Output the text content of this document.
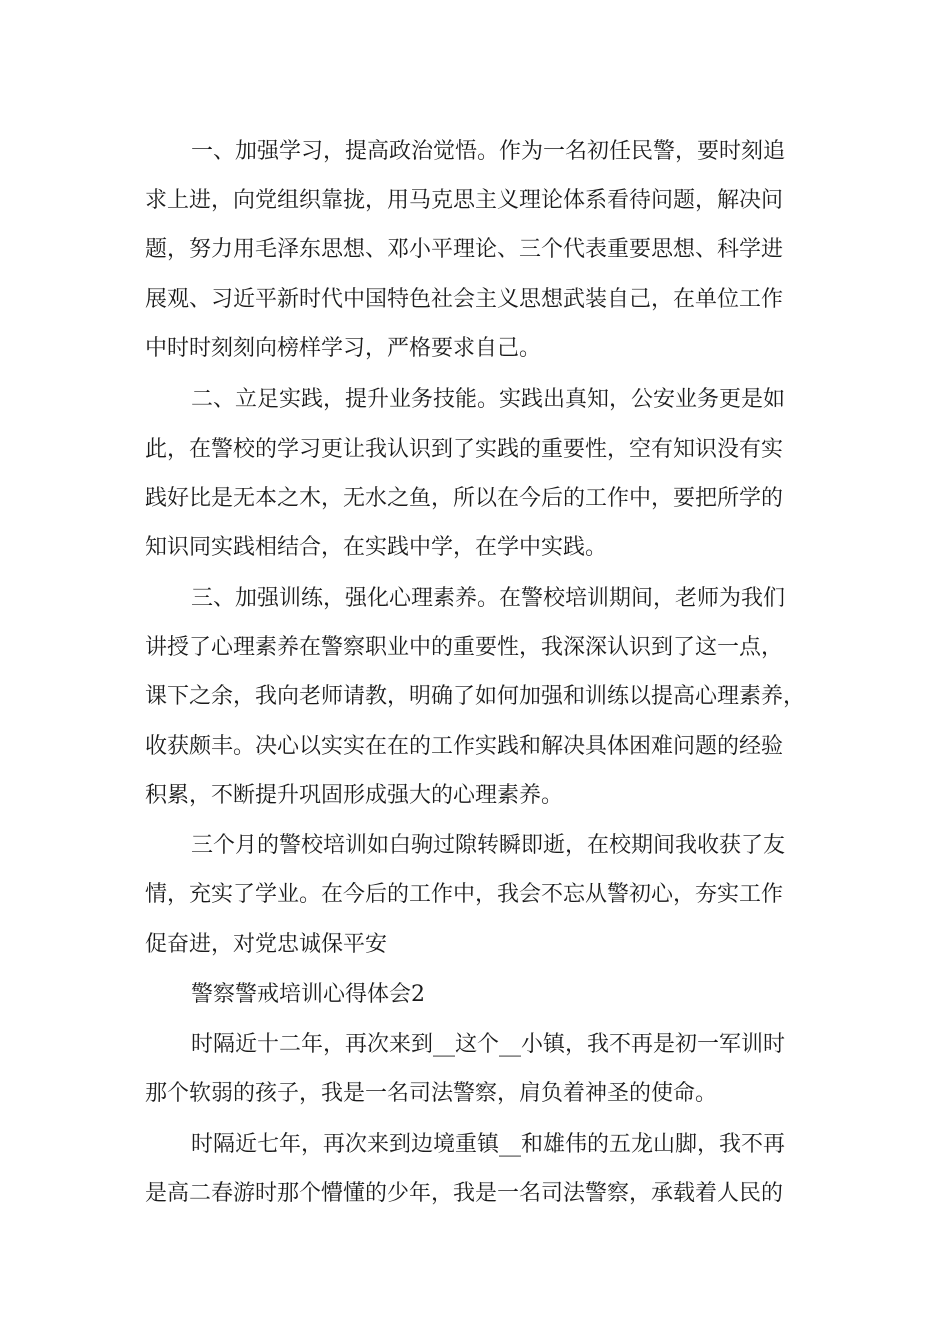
一、加强学习，提高政治觉悟。作为一名初任民警，要时刻追
求上进，向党组织靠拢，用马克思主义理论体系看待问题，解决问
题，努力用毛泽东思想、邓小平理论、三个代表重要思想、科学进
展观、习近平新时代中国特色社会主义思想武装自己，在单位工作
中时时刻刻向榜样学习，严格要求自己。
二、立足实践，提升业务技能。实践出真知，公安业务更是如
此，在警校的学习更让我认识到了实践的重要性，空有知识没有实
践好比是无本之木，无水之鱼，所以在今后的工作中，要把所学的
知识同实践相结合，在实践中学，在学中实践。
三、加强训练，强化心理素养。在警校培训期间，老师为我们
讲授了心理素养在警察职业中的重要性，我深深认识到了这一点，
课下之余，我向老师请教，明确了如何加强和训练以提高心理素养，
收获颇丰。决心以实实在在的工作实践和解决具体困难问题的经验
积累，不断提升巩固形成强大的心理素养。
三个月的警校培训如白驹过隙转瞬即逝，在校期间我收获了友
情，充实了学业。在今后的工作中，我会不忘从警初心，夯实工作
促奋进，对党忠诚保平安
警察警戒培训心得体会2
时隔近十二年，再次来到__这个__小镇，我不再是初一军训时
那个软弱的孩子，我是一名司法警察，肩负着神圣的使命。
时隔近七年，再次来到边境重镇__和雄伟的五龙山脚，我不再
是高二春游时那个懵懂的少年，我是一名司法警察，承载着人民的
